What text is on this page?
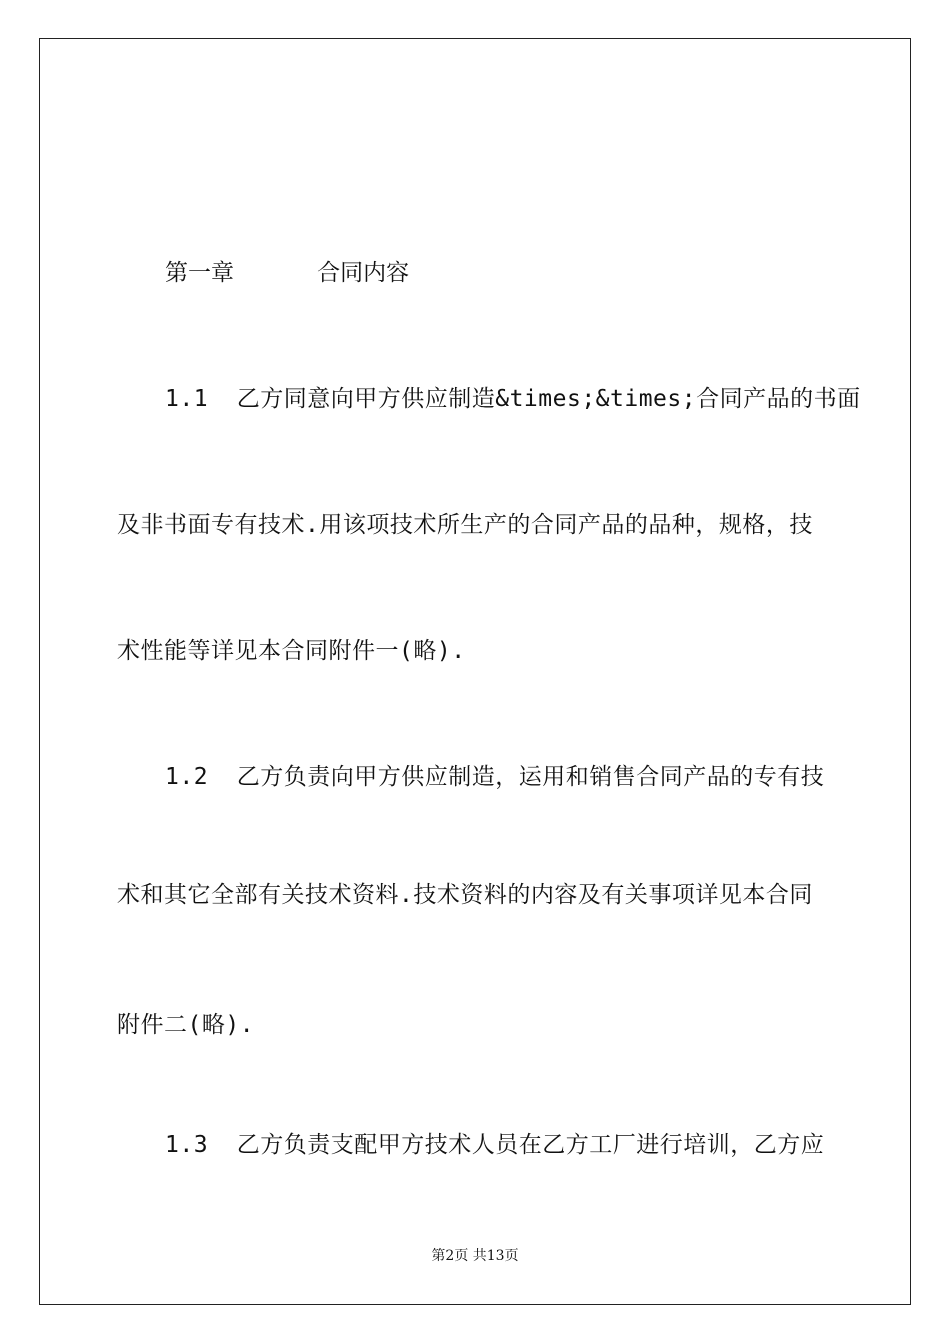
第一章      合同内容
1.1  乙方同意向甲方供应制造&times;&times;合同产品的书面
及非书面专有技术.用该项技术所生产的合同产品的品种，规格，技
术性能等详见本合同附件一(略).
1.2  乙方负责向甲方供应制造，运用和销售合同产品的专有技
术和其它全部有关技术资料.技术资料的内容及有关事项详见本合同
附件二(略).
1.3  乙方负责支配甲方技术人员在乙方工厂进行培训，乙方应
第2页 共13页
